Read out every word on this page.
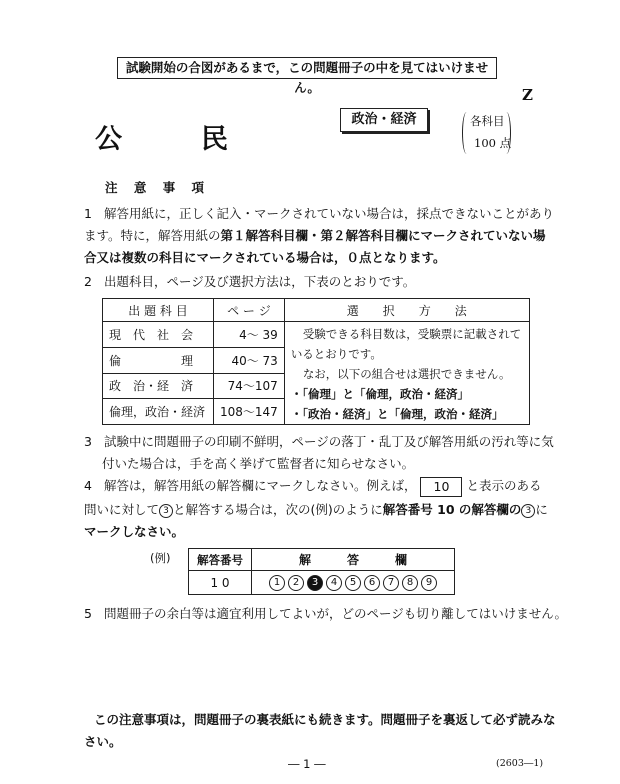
試験開始の合図があるまで，この問題冊子の中を見てはいけません。	Z
公	民
政治・経済	各科目
100 点
注 意 事 項
1 解答用紙に，正しく記入・マークされていない場合は，採点できないことがあり
ます。特に，解答用紙の第１解答科目欄・第２解答科目欄にマークされていない場
合又は複数の科目にマークされている場合は，０点となります。
2 出題科目，ページ及び選択方法は，下表のとおりです。
出 題 科 目	ペ ー ジ	選　　択　　方　　法
現　代　社　会	4〜 39	受験できる科目数は，受験票に記載されて
いるとおりです。
なお，以下の組合せは選択できません。
・「倫理」と「倫理，政治・経済」
・「政治・経済」と「倫理，政治・経済」

倫　　　　　理	40〜 73	
政　治・経　済	74〜107	
倫理，政治・経済	108〜147	
3 試験中に問題冊子の印刷不鮮明，ページの落丁・乱丁及び解答用紙の汚れ等に気
付いた場合は，手を高く挙げて監督者に知らせなさい。
4 解答は，解答用紙の解答欄にマークしなさい。例えば， 10 と表示のある
問いに対して 3 と解答する場合は，次の(例)のように解答番号 10 の解答欄の 3 に
マークしなさい。
(例) 解答番号	解　　　答　　　欄
1 0	1 2 3 4 5 6 7 8 9
5 問題冊子の余白等は適宜利用してよいが，どのページも切り離してはいけません。
この注意事項は，問題冊子の裏表紙にも続きます。問題冊子を裏返して必ず読みな
さい。
― 1 ―	(2603―1)
